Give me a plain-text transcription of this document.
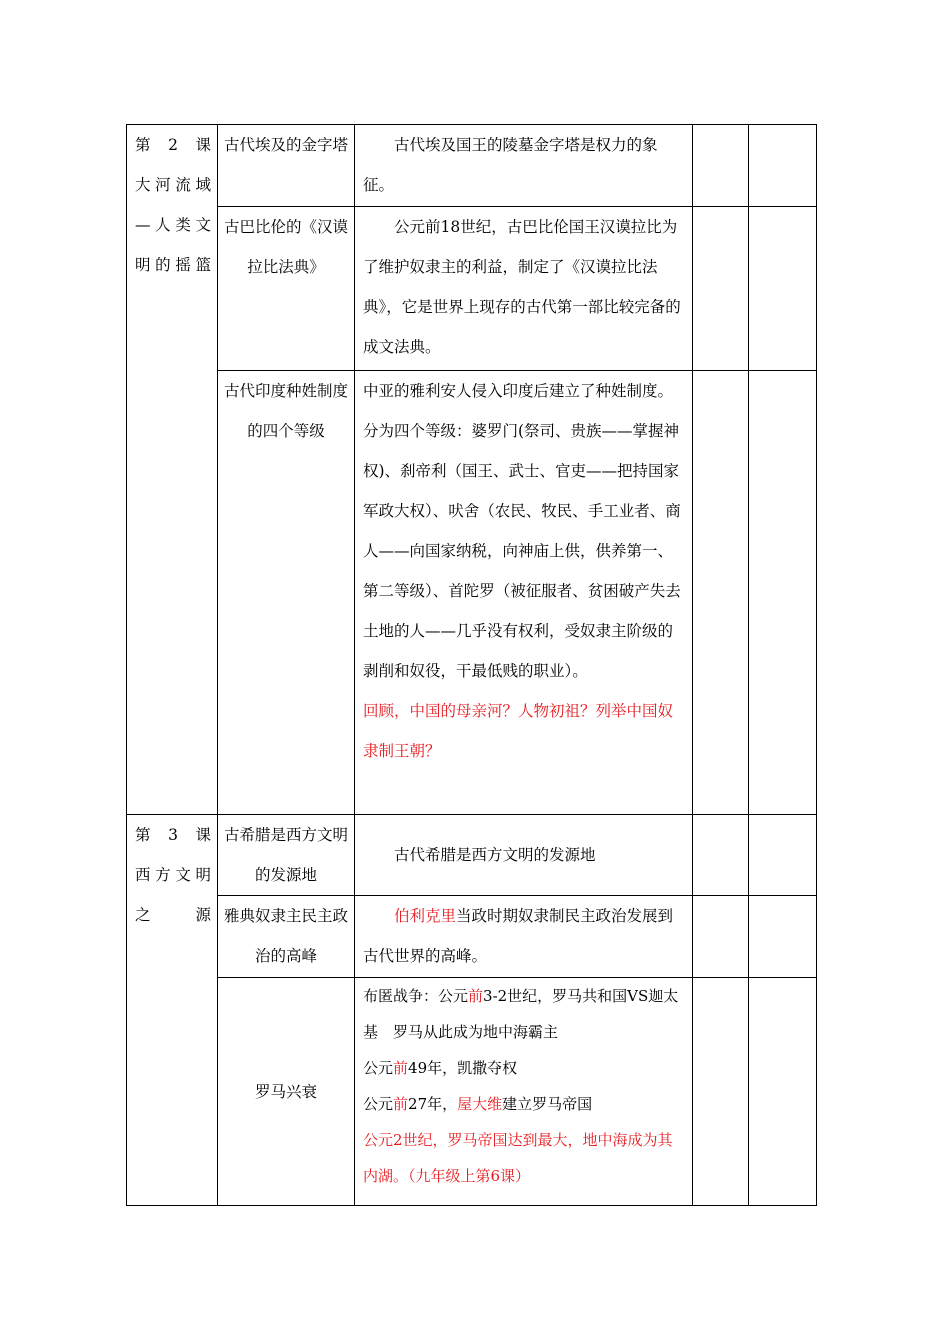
第2课
大河流域
—人类文
明的摇篮	古代埃及的金字塔	古代埃及国王的陵墓金字塔是权力的象征。		
	古巴比伦的《汉谟拉比法典》	公元前18世纪，古巴比伦国王汉谟拉比为了维护奴隶主的利益，制定了《汉谟拉比法典》，它是世界上现存的古代第一部比较完备的成文法典。		
	古代印度种姓制度的四个等级	中亚的雅利安人侵入印度后建立了种姓制度。分为四个等级：婆罗门(祭司、贵族——掌握神权)、刹帝利（国王、武士、官吏——把持国家军政大权）、吠舍（农民、牧民、手工业者、商人——向国家纳税，向神庙上供，供养第一、第二等级）、首陀罗（被征服者、贫困破产失去土地的人——几乎没有权利，受奴隶主阶级的剥削和奴役，干最低贱的职业）。
回顾，中国的母亲河？人物初祖？列举中国奴隶制王朝？		

第3课
西方文明
之源	古希腊是西方文明的发源地	古代希腊是西方文明的发源地		
	雅典奴隶主民主政治的高峰	伯利克里当政时期奴隶制民主政治发展到古代世界的高峰。		
	罗马兴衰	布匿战争：公元前3-2世纪，罗马共和国VS迦太基　罗马从此成为地中海霸主
公元前49年，凯撒夺权
公元前27年，屋大维建立罗马帝国
公元2世纪，罗马帝国达到最大，地中海成为其内湖。（九年级上第6课）		
